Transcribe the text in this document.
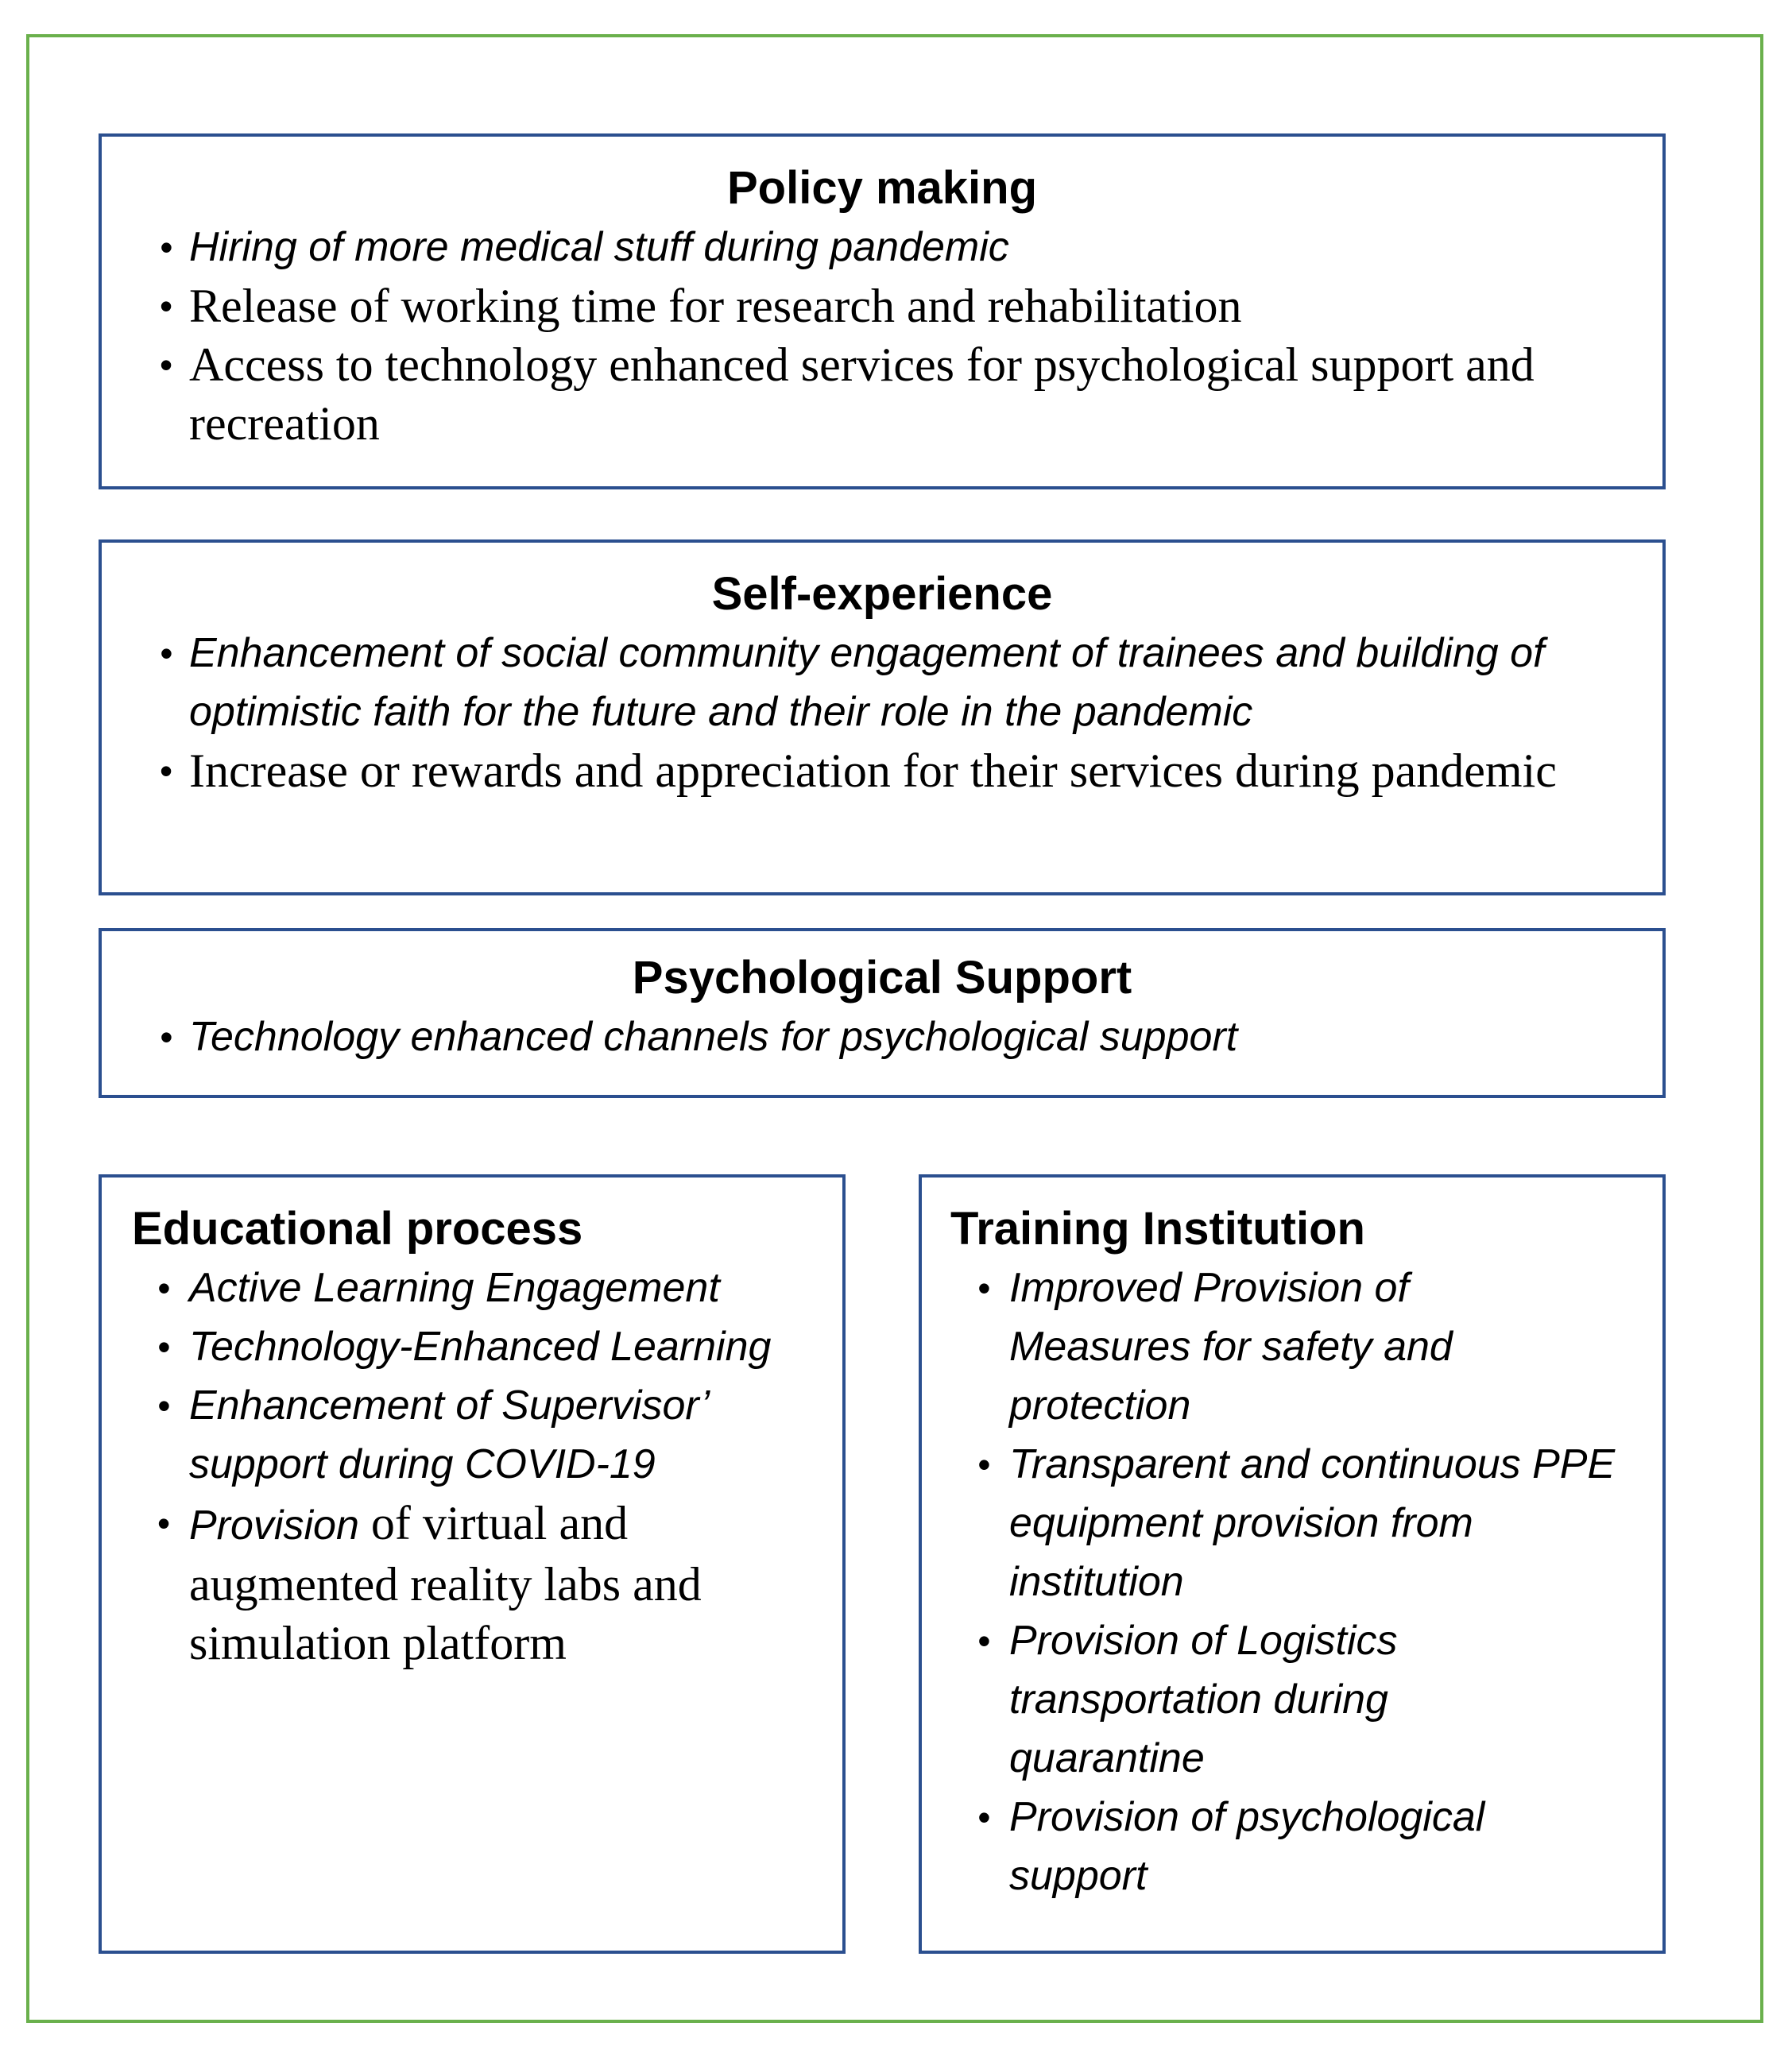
Policy making
• Hiring of more medical stuff during pandemic
• Release of working time for research and rehabilitation
• Access to technology enhanced services for psychological support and recreation
Self-experience
• Enhancement of social community engagement of trainees and building of optimistic faith for the future and their role in the pandemic
• Increase or rewards and appreciation for their services during pandemic
Psychological Support
• Technology enhanced channels for psychological support
Educational process
• Active Learning Engagement
• Technology-Enhanced Learning
• Enhancement of Supervisor’ support during COVID-19
• Provision of virtual and augmented reality labs and simulation platform
Training Institution
• Improved Provision of Measures for safety and protection
• Transparent and continuous PPE equipment provision from institution
• Provision of Logistics transportation during quarantine
• Provision of psychological support
